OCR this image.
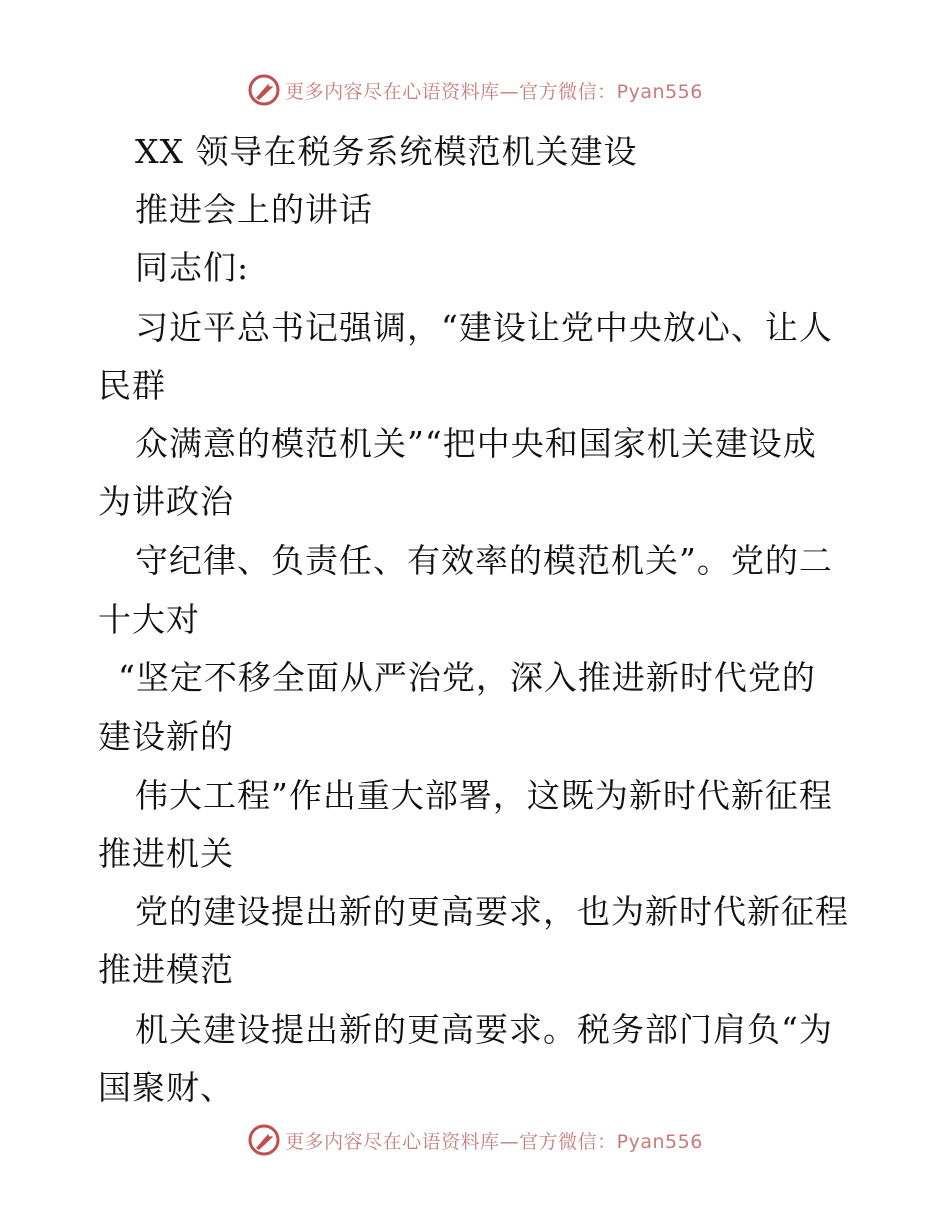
更多内容尽在心语资料库—官方微信：Pyan556
XX 领导在税务系统模范机关建设
推进会上的讲话
同志们:
习近平总书记强调，“建设让党中央放心、让人
民群
众满意的模范机关”“把中央和国家机关建设成
为讲政治
守纪律、负责任、有效率的模范机关”。党的二
十大对
“坚定不移全面从严治党，深入推进新时代党的
建设新的
伟大工程”作出重大部署，这既为新时代新征程
推进机关
党的建设提出新的更高要求，也为新时代新征程
推进模范
机关建设提出新的更高要求。税务部门肩负“为
国聚财、
更多内容尽在心语资料库—官方微信：Pyan556
